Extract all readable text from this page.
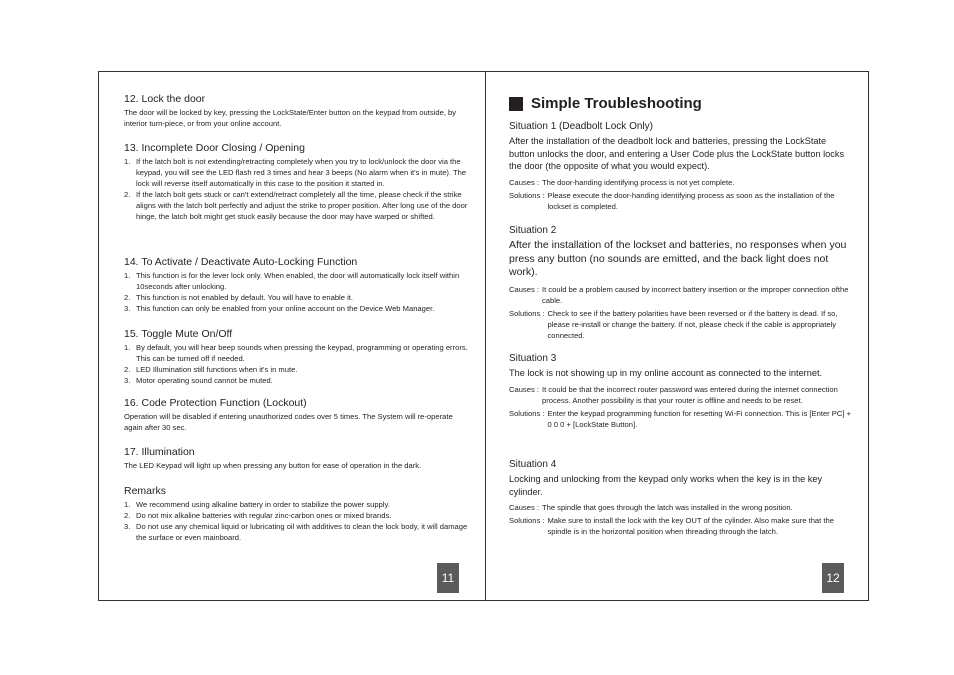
12. Lock the door

The door will be locked by key, pressing the LockState/Enter button on the keypad from outside, by interior turn-piece, or from your online account.

13. Incomplete Door Closing / Opening
1. If the latch bolt is not extending/retracting completely when you try to lock/unlock the door via the keypad, you will see the LED flash red 3 times and hear 3 beeps (No alarm when it's in mute). The lock will reverse itself automatically in this case to the position it started in.
2. If the latch bolt gets stuck or can't extend/retract completely all the time, please check if the strike aligns with the latch bolt perfectly and adjust the strike to proper position. After long use of the door hinge, the latch bolt might get stuck easily because the door may have warped or shifted.
14. To Activate / Deactivate Auto-Locking Function
1. This function is for the lever lock only. When enabled, the door will automatically lock itself within 10seconds after unlocking.
2. This function is not enabled by default. You will have to enable it.
3. This function can only be enabled from your online account on the Device Web Manager.
15. Toggle Mute On/Off
1. By default, you will hear beep sounds when pressing the keypad, programming or operating errors. This can be turned off if needed.
2. LED Illumination still functions when it's in mute.
3. Motor operating sound cannot be muted.
16. Code Protection Function (Lockout)

Operation will be disabled if entering unauthorized codes over 5 times. The System will re-operate again after 30 sec.

17. Illumination

The LED Keypad will light up when pressing any button for ease of operation in the dark.

Remarks
1. We recommend using alkaline battery in order to stabilize the power supply.
2. Do not mix alkaline batteries with regular zinc-carbon ones or mixed brands.
3. Do not use any chemical liquid or lubricating oil with additives to clean the lock body, it will damage the surface or even mainboard.
11
Simple Troubleshooting
Situation 1 (Deadbolt Lock Only)

After the installation of the deadbolt lock and batteries, pressing the LockState button unlocks the door, and entering a User Code plus the LockState button locks the door (the opposite of what you would expect).

Causes : The door-handing identifying process is not yet complete.
Solutions : Please execute the door-handing identifying process as soon as the installation of the lockset is completed.
Situation 2

After the installation of the lockset and batteries, no responses when you press any button (no sounds are emitted, and the back light does not work).

Causes : It could be a problem caused by incorrect battery insertion or the improper connection ofthe cable.
Solutions : Check to see if the battery polarities have been reversed or if the battery is dead. If so, please re-install or change the battery. If not, please check if the cable is appropriately connected.
Situation 3

The lock is not showing up in my online account as connected to the internet.

Causes : It could be that the incorrect router password was entered during the internet connection process. Another possibility is that your router is offline and needs to be reset.
Solutions : Enter the keypad programming function for resetting Wi-Fi connection. This is [Enter PC] + 0 0 0 + [LockState Button].
Situation 4

Locking and unlocking from the keypad only works when the key is in the key cylinder.

Causes : The spindle that goes through the latch was installed in the wrong position.
Solutions : Make sure to install the lock with the key OUT of the cylinder. Also make sure that the spindle is in the horizontal position when threading through the latch.
12
